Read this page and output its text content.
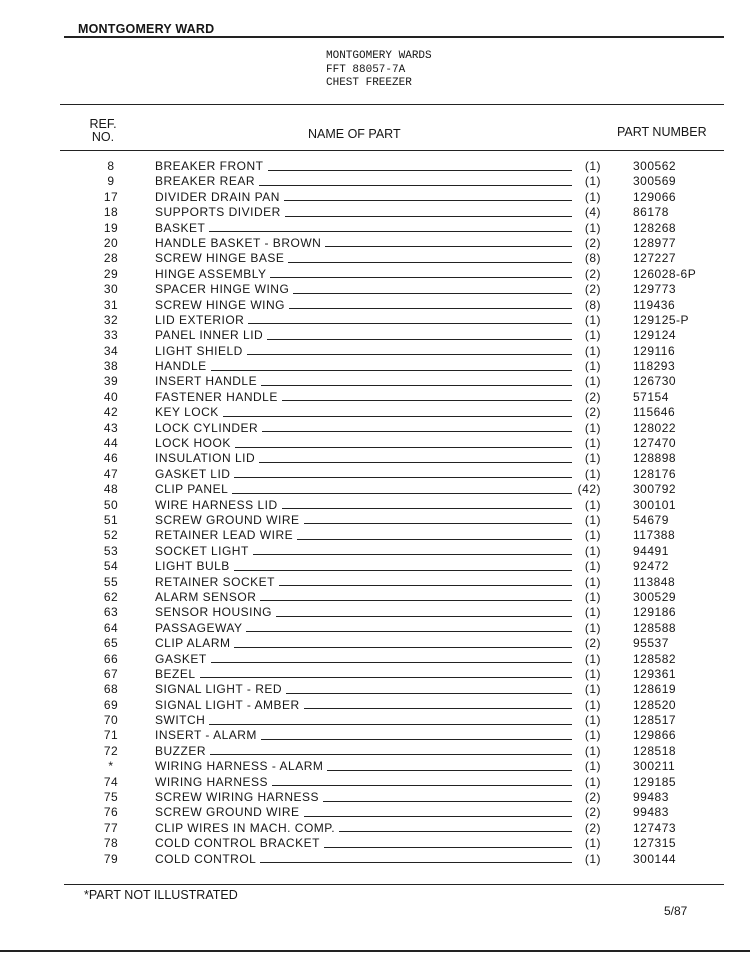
MONTGOMERY WARD
MONTGOMERY WARDS
FFT 88057-7A
CHEST FREEZER
REF.
NO.	NAME OF PART	PART NUMBER
8	BREAKER FRONT	(1)	300562
9	BREAKER REAR	(1)	300569
17	DIVIDER DRAIN PAN	(1)	129066
18	SUPPORTS DIVIDER	(4)	86178
19	BASKET	(1)	128268
20	HANDLE BASKET - BROWN	(2)	128977
28	SCREW HINGE BASE	(8)	127227
29	HINGE ASSEMBLY	(2)	126028-6P
30	SPACER HINGE WING	(2)	129773
31	SCREW HINGE WING	(8)	119436
32	LID EXTERIOR	(1)	129125-P
33	PANEL INNER LID	(1)	129124
34	LIGHT SHIELD	(1)	129116
38	HANDLE	(1)	118293
39	INSERT HANDLE	(1)	126730
40	FASTENER HANDLE	(2)	57154
42	KEY LOCK	(2)	115646
43	LOCK CYLINDER	(1)	128022
44	LOCK HOOK	(1)	127470
46	INSULATION LID	(1)	128898
47	GASKET LID	(1)	128176
48	CLIP PANEL	(42)	300792
50	WIRE HARNESS LID	(1)	300101
51	SCREW GROUND WIRE	(1)	54679
52	RETAINER LEAD WIRE	(1)	117388
53	SOCKET LIGHT	(1)	94491
54	LIGHT BULB	(1)	92472
55	RETAINER SOCKET	(1)	113848
62	ALARM SENSOR	(1)	300529
63	SENSOR HOUSING	(1)	129186
64	PASSAGEWAY	(1)	128588
65	CLIP ALARM	(2)	95537
66	GASKET	(1)	128582
67	BEZEL	(1)	129361
68	SIGNAL LIGHT - RED	(1)	128619
69	SIGNAL LIGHT - AMBER	(1)	128520
70	SWITCH	(1)	128517
71	INSERT - ALARM	(1)	129866
72	BUZZER	(1)	128518
*	WIRING HARNESS - ALARM	(1)	300211
74	WIRING HARNESS	(1)	129185
75	SCREW WIRING HARNESS	(2)	99483
76	SCREW GROUND WIRE	(2)	99483
77	CLIP WIRES IN MACH. COMP.	(2)	127473
78	COLD CONTROL BRACKET	(1)	127315
79	COLD CONTROL	(1)	300144
*PART NOT ILLUSTRATED
5/87
